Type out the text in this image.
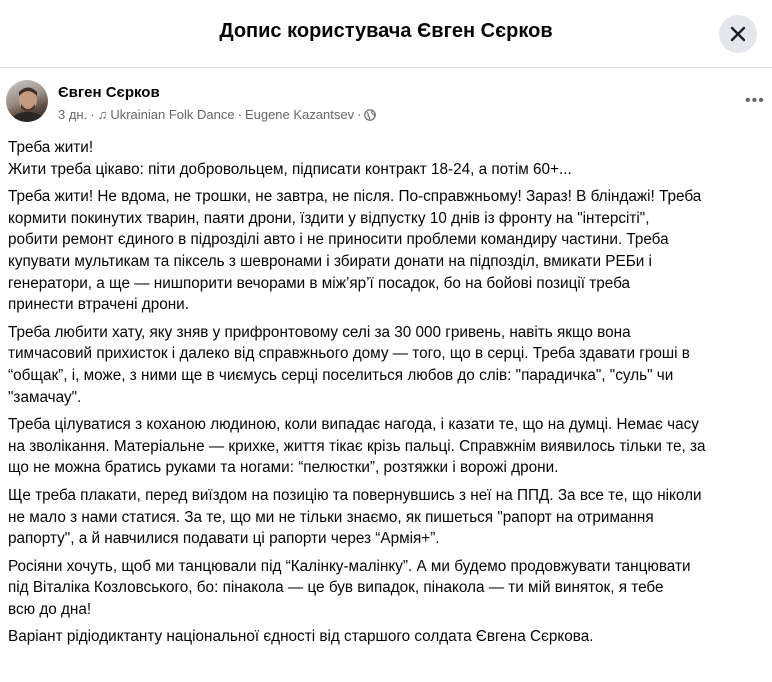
Допис користувача Євген Сєрков
Євген Сєрков
3 дн. · ♫ Ukrainian Folk Dance · Eugene Kazantsev ·
•••
Треба жити!
Жити треба цікаво: піти добровольцем, підписати контракт 18-24, а потім 60+...
Треба жити! Не вдома, не трошки, не завтра, не після. По-справжньому! Зараз! В бліндажі! Треба
кормити покинутих тварин, паяти дрони, їздити у відпустку 10 днів із фронту на "інтерсіті",
робити ремонт єдиного в підрозділі авто і не приносити проблеми командиру частини. Треба
купувати мультикам та піксель з шевронами і збирати донати на підпозділ, вмикати РЕБи і
генератори, а ще — нишпорити вечорами в між’яр’ї посадок, бо на бойові позиції треба
принести втрачені дрони.
Треба любити хату, яку зняв у прифронтовому селі за 30 000 гривень, навіть якщо вона
тимчасовий прихисток і далеко від справжнього дому — того, що в серці. Треба здавати гроші в
“общак”, і, може, з ними ще в чиємусь серці поселиться любов до слів: "парадичка", "суль" чи
"замачау".
Треба цілуватися з коханою людиною, коли випадає нагода, і казати те, що на думці. Немає часу
на зволікання. Матеріальне — крихке, життя тікає крізь пальці. Справжнім виявилось тільки те, за
що не можна братись руками та ногами: “пелюстки”, розтяжки і ворожі дрони.
Ще треба плакати, перед виїздом на позицію та повернувшись з неї на ППД. За все те, що ніколи
не мало з нами статися. За те, що ми не тільки знаємо, як пишеться "рапорт на отримання
рапорту", а й навчилися подавати ці рапорти через “Армія+”.
Росіяни хочуть, щоб ми танцювали під “Калінку-малінку”. А ми будемо продовжувати танцювати
під Віталіка Козловського, бо: пінакола — це був випадок, пінакола — ти мій виняток, я тебе
всю до дна!
Варіант рідіодиктанту національної єдності від старшого солдата Євгена Сєркова.
